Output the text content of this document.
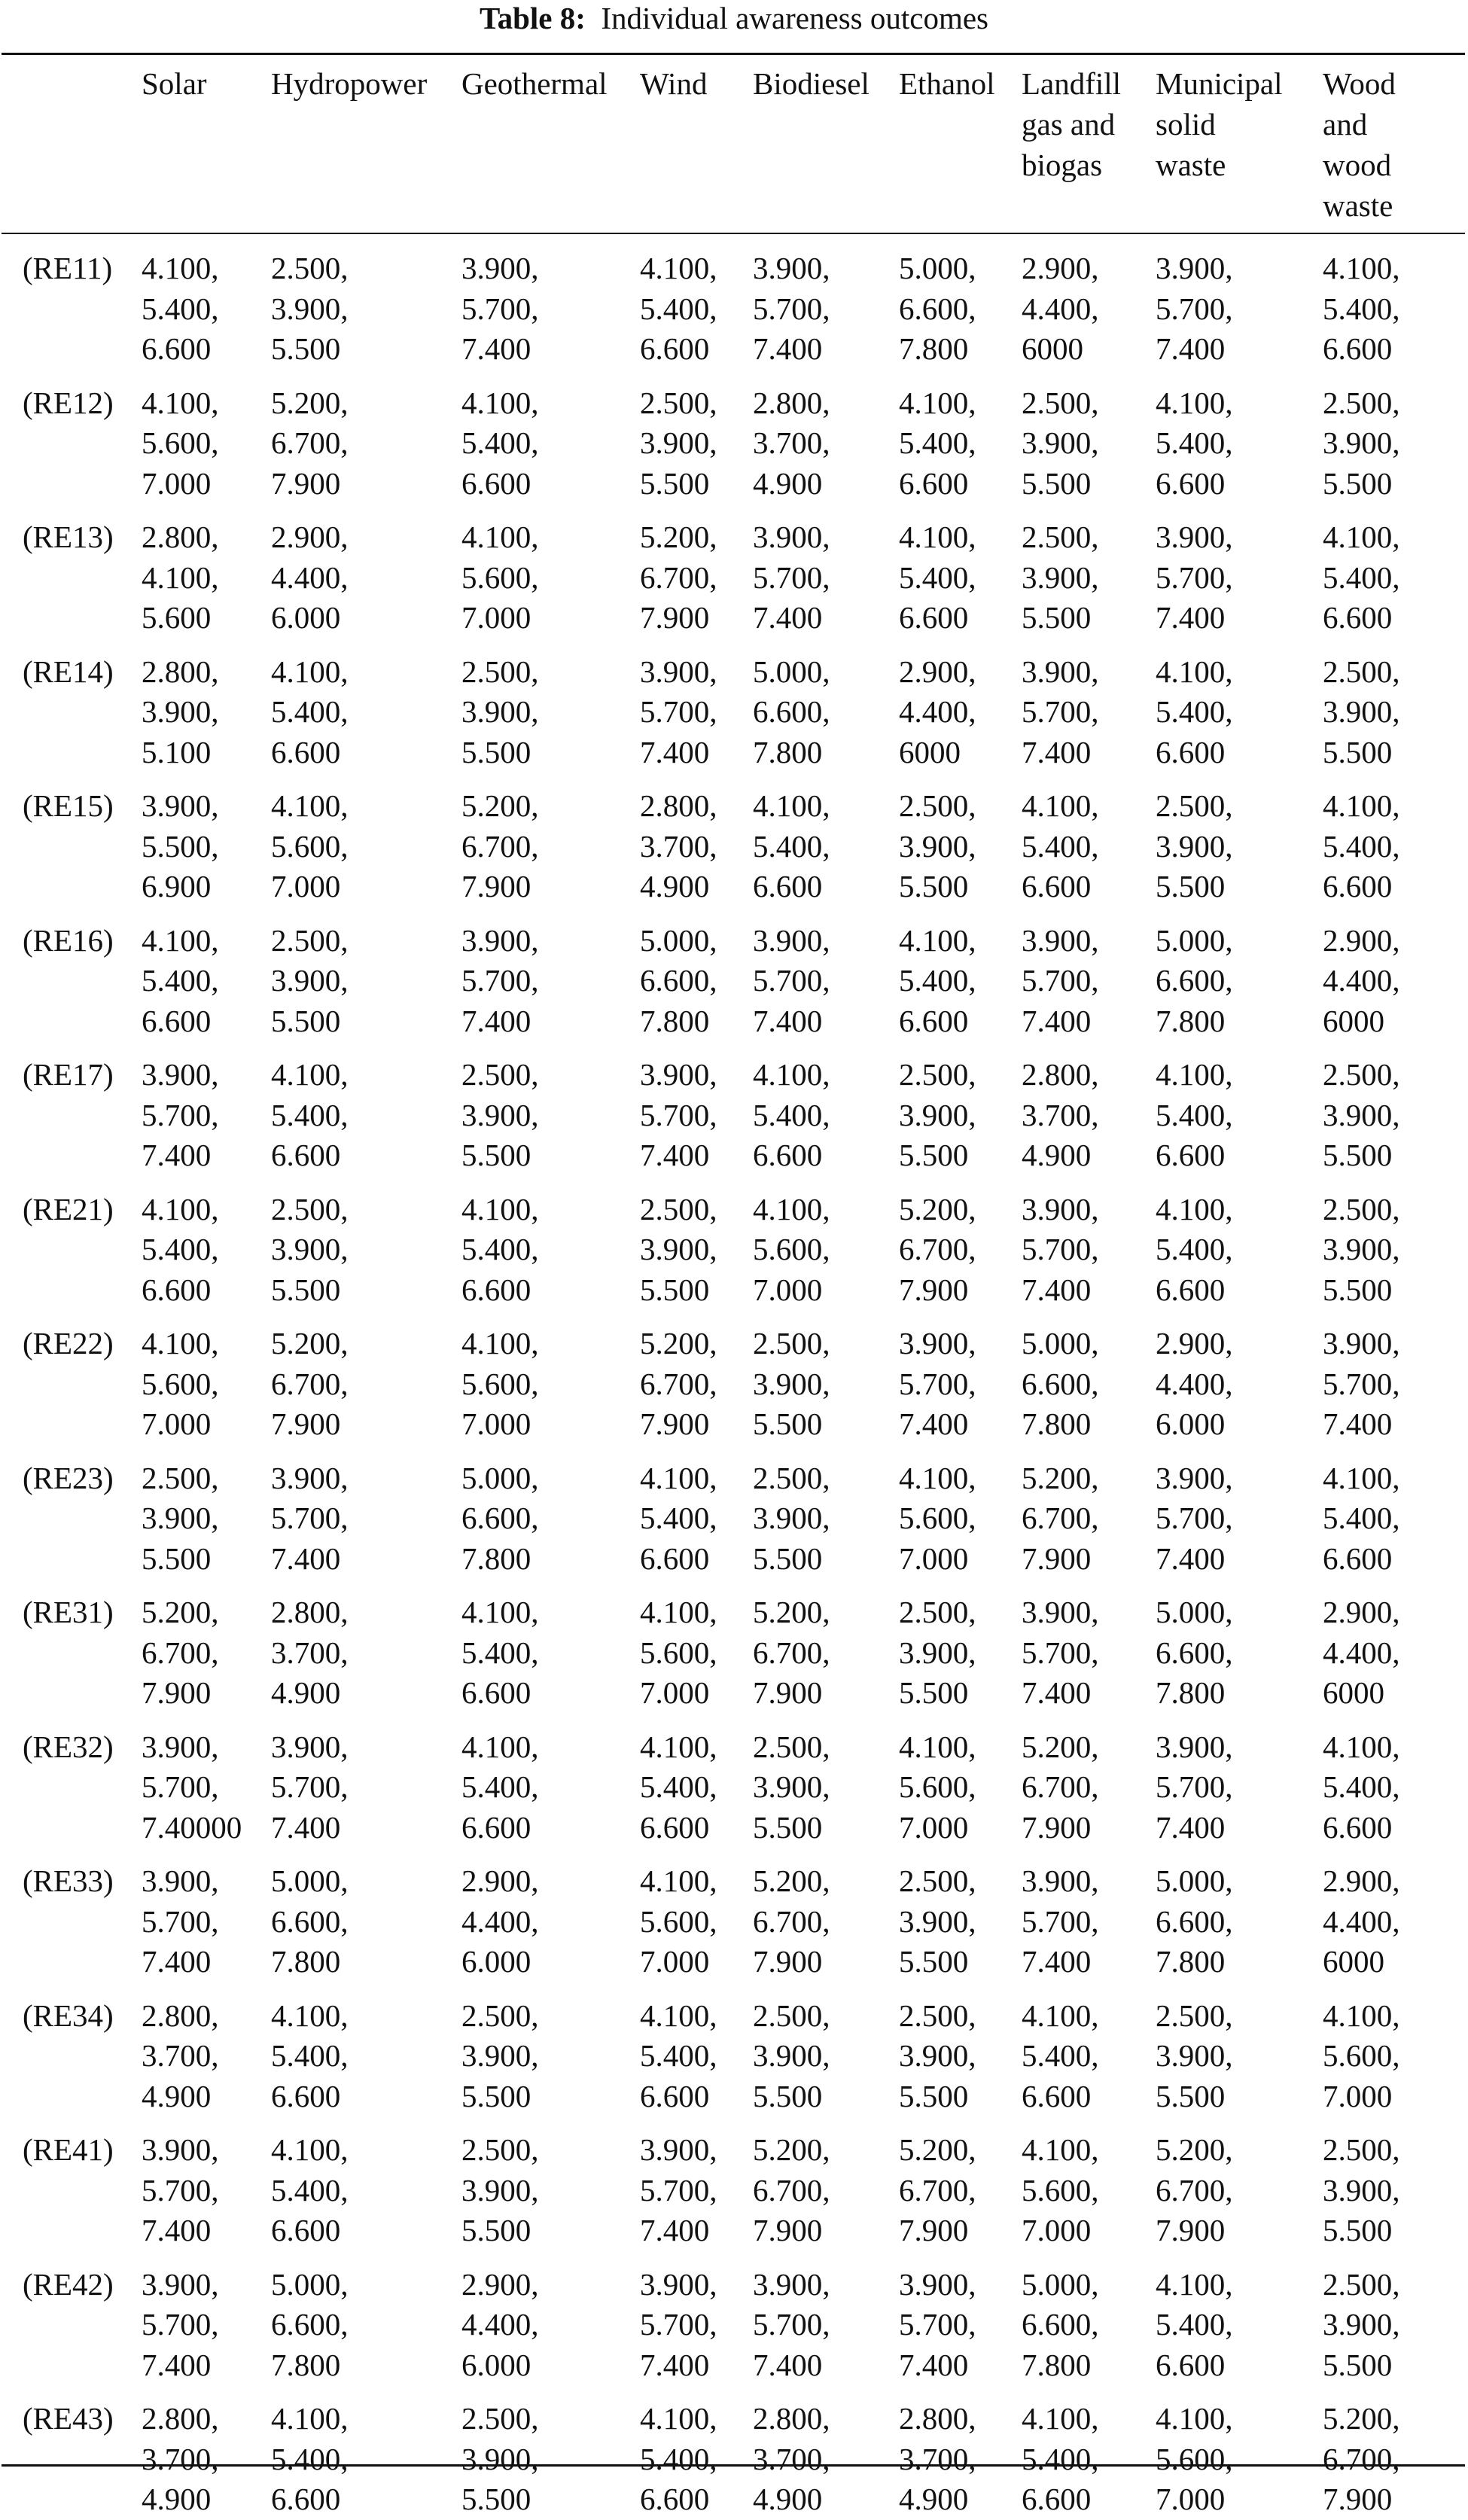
Table 8: Individual awareness outcomes

	Solar	Hydropower	Geothermal	Wind	Biodiesel	Ethanol	Landfill
gas and
biogas	Municipal
solid
waste	Wood
and
wood
waste

(RE11)	4.100,
5.400,
6.600	2.500,
3.900,
5.500	3.900,
5.700,
7.400	4.100,
5.400,
6.600	3.900,
5.700,
7.400	5.000,
6.600,
7.800	2.900,
4.400,
6000	3.900,
5.700,
7.400	4.100,
5.400,
6.600

(RE12)	4.100,
5.600,
7.000	5.200,
6.700,
7.900	4.100,
5.400,
6.600	2.500,
3.900,
5.500	2.800,
3.700,
4.900	4.100,
5.400,
6.600	2.500,
3.900,
5.500	4.100,
5.400,
6.600	2.500,
3.900,
5.500

(RE13)	2.800,
4.100,
5.600	2.900,
4.400,
6.000	4.100,
5.600,
7.000	5.200,
6.700,
7.900	3.900,
5.700,
7.400	4.100,
5.400,
6.600	2.500,
3.900,
5.500	3.900,
5.700,
7.400	4.100,
5.400,
6.600

(RE14)	2.800,
3.900,
5.100	4.100,
5.400,
6.600	2.500,
3.900,
5.500	3.900,
5.700,
7.400	5.000,
6.600,
7.800	2.900,
4.400,
6000	3.900,
5.700,
7.400	4.100,
5.400,
6.600	2.500,
3.900,
5.500

(RE15)	3.900,
5.500,
6.900	4.100,
5.600,
7.000	5.200,
6.700,
7.900	2.800,
3.700,
4.900	4.100,
5.400,
6.600	2.500,
3.900,
5.500	4.100,
5.400,
6.600	2.500,
3.900,
5.500	4.100,
5.400,
6.600

(RE16)	4.100,
5.400,
6.600	2.500,
3.900,
5.500	3.900,
5.700,
7.400	5.000,
6.600,
7.800	3.900,
5.700,
7.400	4.100,
5.400,
6.600	3.900,
5.700,
7.400	5.000,
6.600,
7.800	2.900,
4.400,
6000

(RE17)	3.900,
5.700,
7.400	4.100,
5.400,
6.600	2.500,
3.900,
5.500	3.900,
5.700,
7.400	4.100,
5.400,
6.600	2.500,
3.900,
5.500	2.800,
3.700,
4.900	4.100,
5.400,
6.600	2.500,
3.900,
5.500

(RE21)	4.100,
5.400,
6.600	2.500,
3.900,
5.500	4.100,
5.400,
6.600	2.500,
3.900,
5.500	4.100,
5.600,
7.000	5.200,
6.700,
7.900	3.900,
5.700,
7.400	4.100,
5.400,
6.600	2.500,
3.900,
5.500

(RE22)	4.100,
5.600,
7.000	5.200,
6.700,
7.900	4.100,
5.600,
7.000	5.200,
6.700,
7.900	2.500,
3.900,
5.500	3.900,
5.700,
7.400	5.000,
6.600,
7.800	2.900,
4.400,
6.000	3.900,
5.700,
7.400

(RE23)	2.500,
3.900,
5.500	3.900,
5.700,
7.400	5.000,
6.600,
7.800	4.100,
5.400,
6.600	2.500,
3.900,
5.500	4.100,
5.600,
7.000	5.200,
6.700,
7.900	3.900,
5.700,
7.400	4.100,
5.400,
6.600

(RE31)	5.200,
6.700,
7.900	2.800,
3.700,
4.900	4.100,
5.400,
6.600	4.100,
5.600,
7.000	5.200,
6.700,
7.900	2.500,
3.900,
5.500	3.900,
5.700,
7.400	5.000,
6.600,
7.800	2.900,
4.400,
6000

(RE32)	3.900,
5.700,
7.40000	3.900,
5.700,
7.400	4.100,
5.400,
6.600	4.100,
5.400,
6.600	2.500,
3.900,
5.500	4.100,
5.600,
7.000	5.200,
6.700,
7.900	3.900,
5.700,
7.400	4.100,
5.400,
6.600

(RE33)	3.900,
5.700,
7.400	5.000,
6.600,
7.800	2.900,
4.400,
6.000	4.100,
5.600,
7.000	5.200,
6.700,
7.900	2.500,
3.900,
5.500	3.900,
5.700,
7.400	5.000,
6.600,
7.800	2.900,
4.400,
6000

(RE34)	2.800,
3.700,
4.900	4.100,
5.400,
6.600	2.500,
3.900,
5.500	4.100,
5.400,
6.600	2.500,
3.900,
5.500	2.500,
3.900,
5.500	4.100,
5.400,
6.600	2.500,
3.900,
5.500	4.100,
5.600,
7.000

(RE41)	3.900,
5.700,
7.400	4.100,
5.400,
6.600	2.500,
3.900,
5.500	3.900,
5.700,
7.400	5.200,
6.700,
7.900	5.200,
6.700,
7.900	4.100,
5.600,
7.000	5.200,
6.700,
7.900	2.500,
3.900,
5.500

(RE42)	3.900,
5.700,
7.400	5.000,
6.600,
7.800	2.900,
4.400,
6.000	3.900,
5.700,
7.400	3.900,
5.700,
7.400	3.900,
5.700,
7.400	5.000,
6.600,
7.800	4.100,
5.400,
6.600	2.500,
3.900,
5.500

(RE43)	2.800,
3.700,
4.900	4.100,
5.400,
6.600	2.500,
3.900,
5.500	4.100,
5.400,
6.600	2.800,
3.700,
4.900	2.800,
3.700,
4.900	4.100,
5.400,
6.600	4.100,
5.600,
7.000	5.200,
6.700,
7.900
